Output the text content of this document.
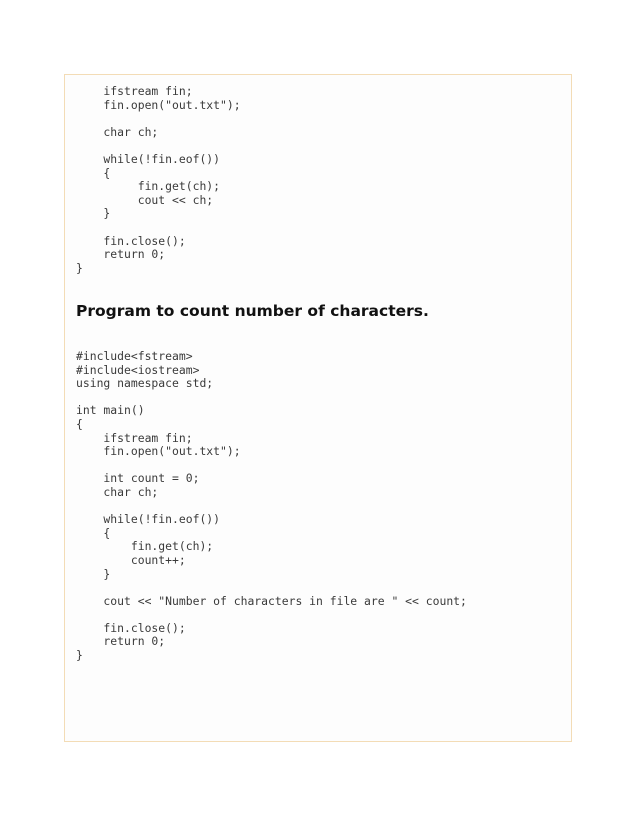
ifstream fin;
fin.open("out.txt");
char ch;
while(!fin.eof())
{
fin.get(ch);
cout << ch;
}
fin.close();
return 0;
}
Program to count number of characters.
#include<fstream>
#include<iostream>
using namespace std;
int main()
{
ifstream fin;
fin.open("out.txt");
int count = 0;
char ch;
while(!fin.eof())
{
fin.get(ch);
count++;
}
cout << "Number of characters in file are " << count;
fin.close();
return 0;
}
